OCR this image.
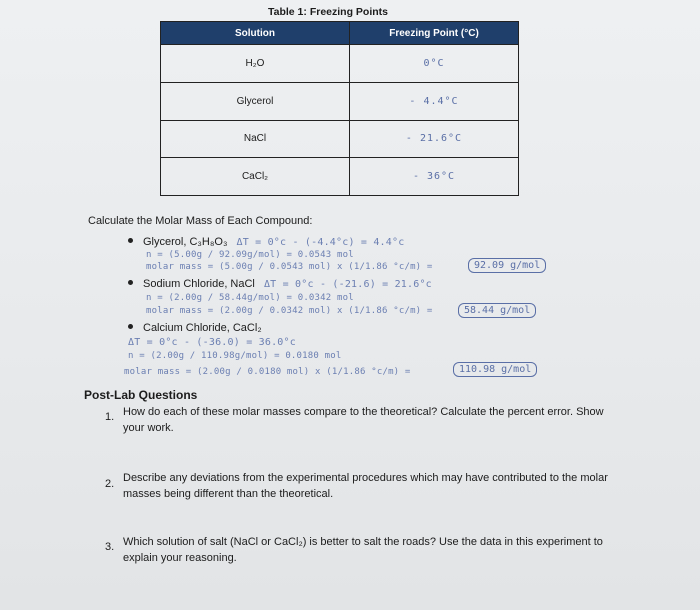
Table 1: Freezing Points
Solution	Freezing Point (°C)
H₂O	0°C
Glycerol	- 4.4°C
NaCl	- 21.6°C
CaCl₂	- 36°C
Calculate the Molar Mass of Each Compound:
Glycerol, C₃H₈O₃ ΔT = 0°c - (-4.4°c) = 4.4°c
n = (5.00g / 92.09g/mol) = 0.0543 mol
molar mass = (5.00g / 0.0543 mol) x (1/1.86 °c/m) =	92.09 g/mol
Sodium Chloride, NaCl ΔT = 0°c - (-21.6) = 21.6°c
n = (2.00g / 58.44g/mol) = 0.0342 mol
molar mass = (2.00g / 0.0342 mol) x (1/1.86 °c/m) =	58.44 g/mol
Calcium Chloride, CaCl₂
ΔT = 0°c - (-36.0) = 36.0°c
n = (2.00g / 110.98g/mol) = 0.0180 mol
molar mass = (2.00g / 0.0180 mol) x (1/1.86 °c/m) =	110.98 g/mol
Post-Lab Questions
1. How do each of these molar masses compare to the theoretical? Calculate the percent error. Show your work.
2. Describe any deviations from the experimental procedures which may have contributed to the molar masses being different than the theoretical.
3. Which solution of salt (NaCl or CaCl₂) is better to salt the roads? Use the data in this experiment to explain your reasoning.
